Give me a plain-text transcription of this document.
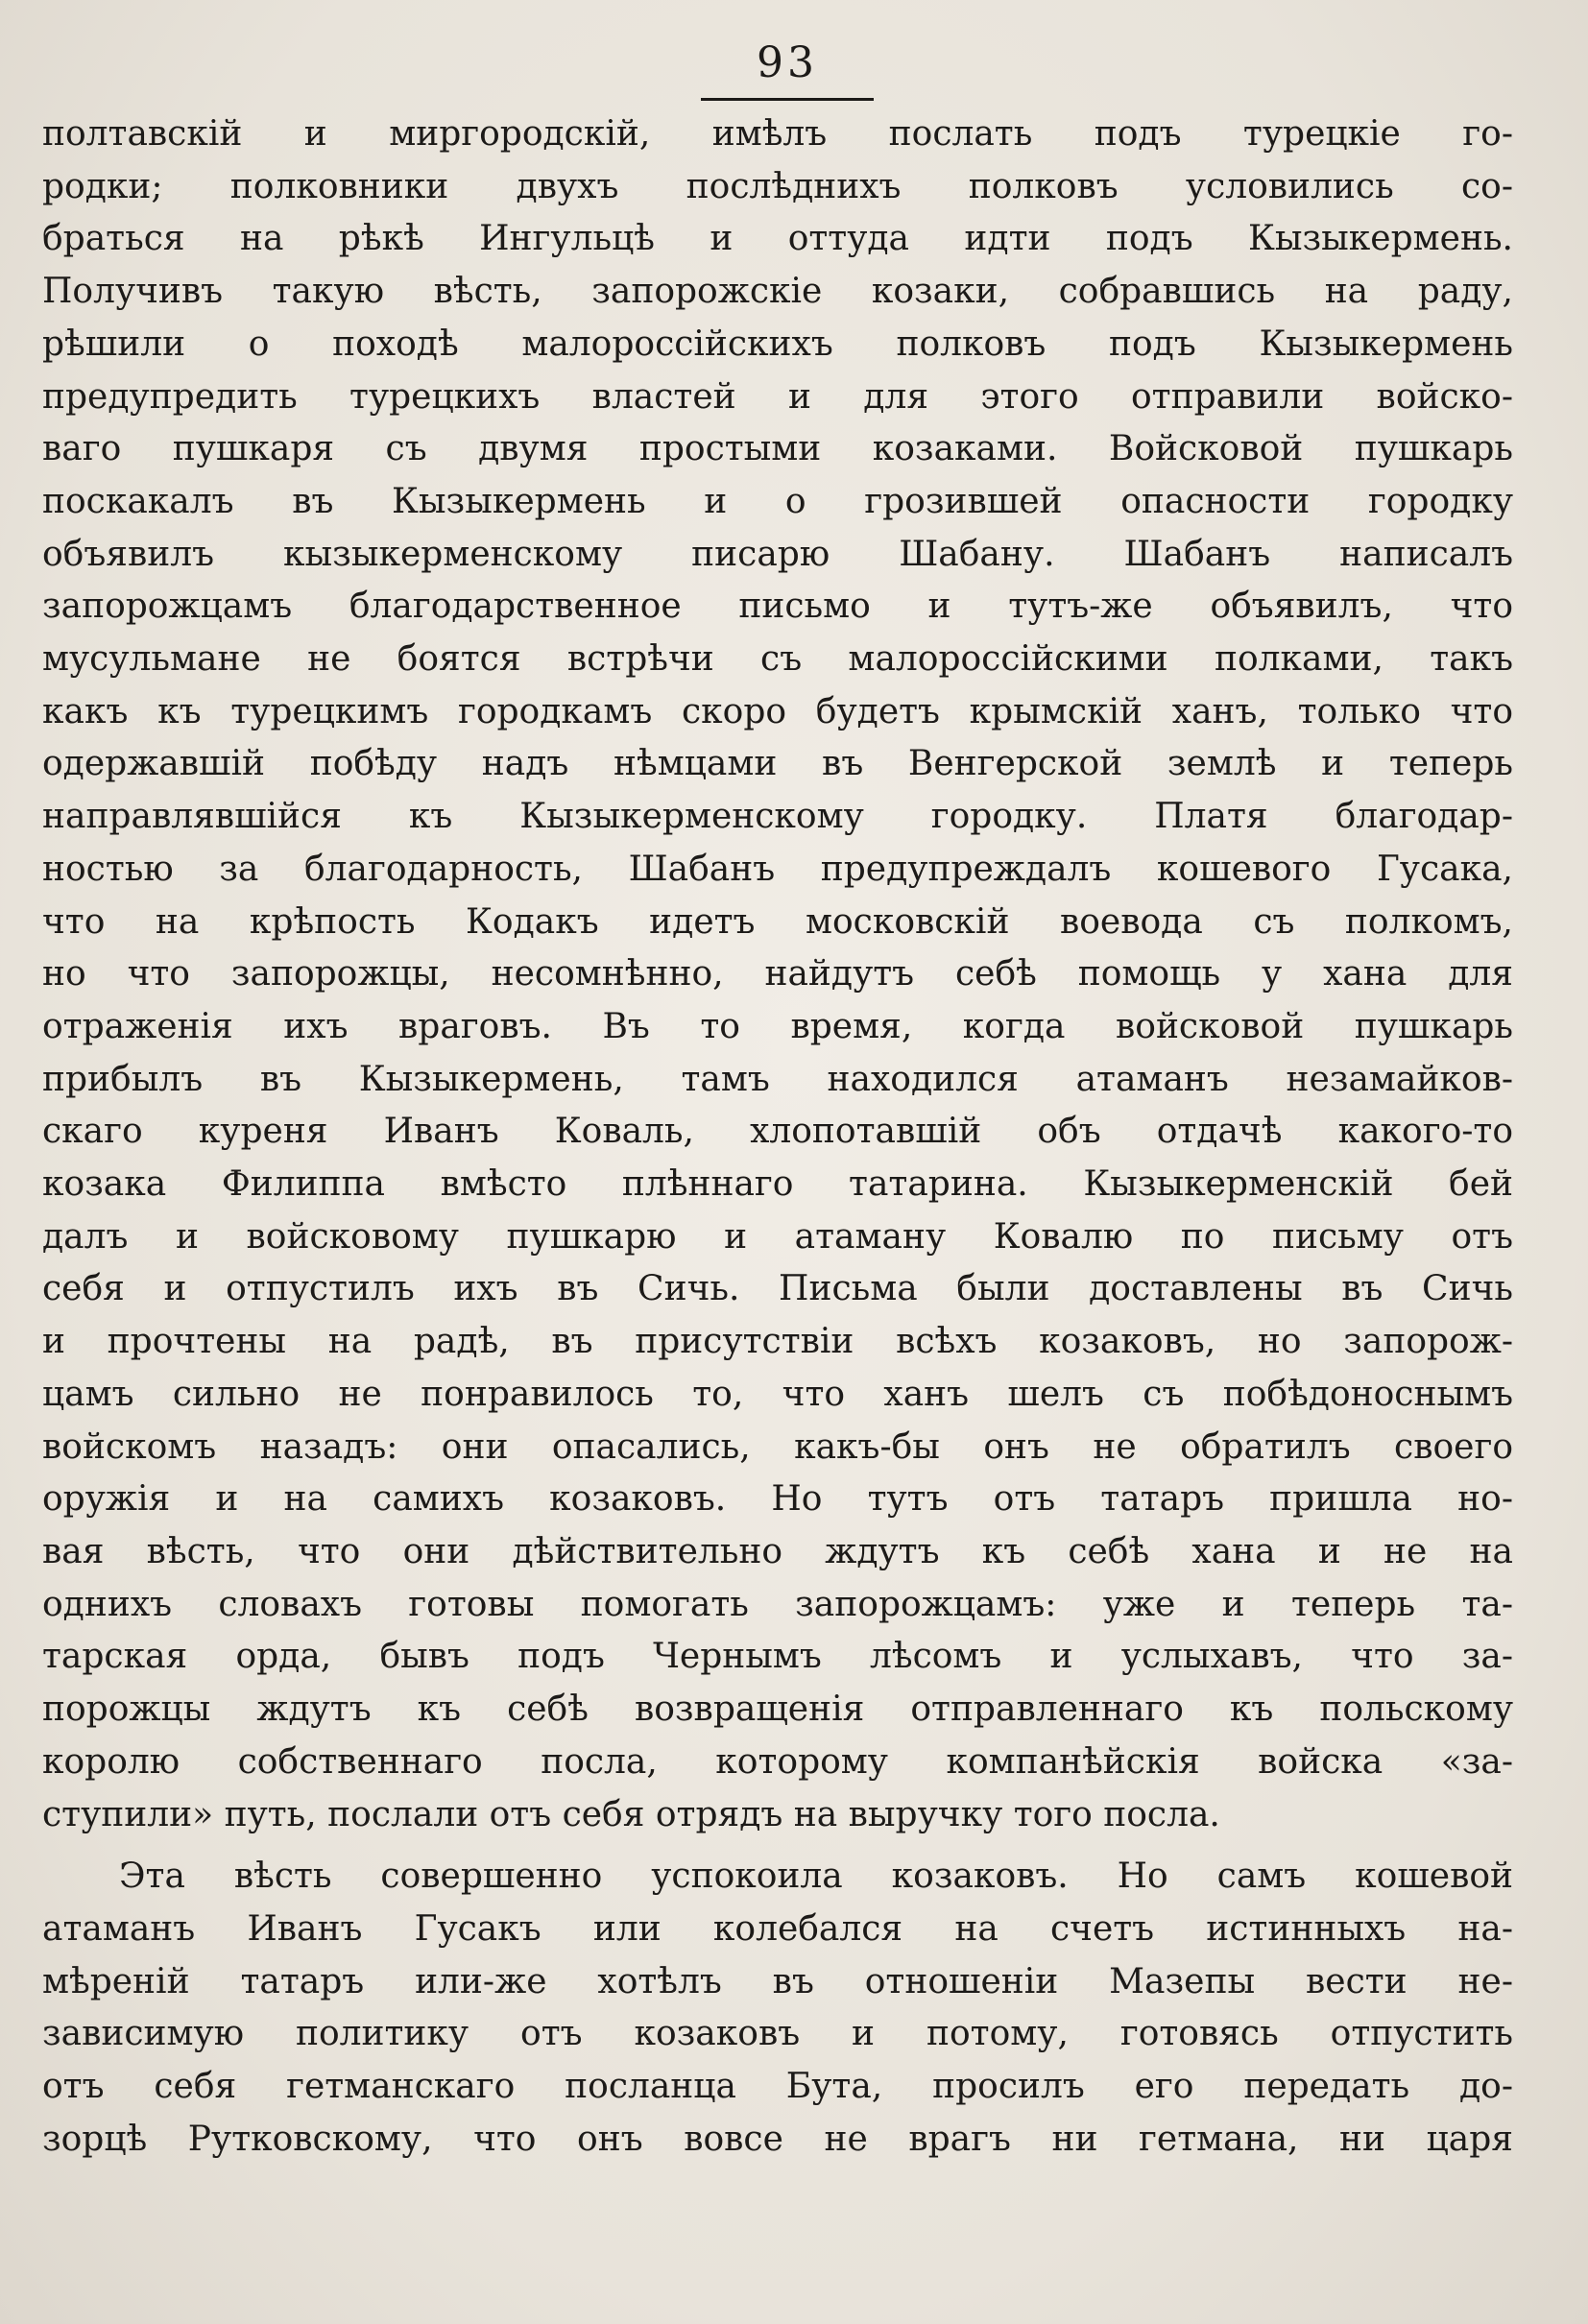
93
полтавскій и миргородскій, имѣлъ послать подъ турецкіе го-
родки; полковники двухъ послѣднихъ полковъ условились со-
браться на рѣкѣ Ингульцѣ и оттуда идти подъ Кызыкермень.
Получивъ такую вѣсть, запорожскіе козаки, собравшись на раду,
рѣшили о походѣ малороссійскихъ полковъ подъ Кызыкермень
предупредить турецкихъ властей и для этого отправили войско-
ваго пушкаря съ двумя простыми козаками. Войсковой пушкарь
поскакалъ въ Кызыкермень и о грозившей опасности городку
объявилъ кызыкерменскому писарю Шабану. Шабанъ написалъ
запорожцамъ благодарственное письмо и тутъ-же объявилъ, что
мусульмане не боятся встрѣчи съ малороссійскими полками, такъ
какъ къ турецкимъ городкамъ скоро будетъ крымскій ханъ, только что
одержавшій побѣду надъ нѣмцами въ Венгерской землѣ и теперь
направлявшійся къ Кызыкерменскому городку. Платя благодар-
ностью за благодарность, Шабанъ предупреждалъ кошевого Гусака,
что на крѣпость Кодакъ идетъ московскій воевода съ полкомъ,
но что запорожцы, несомнѣнно, найдутъ себѣ помощь у хана для
отраженія ихъ враговъ. Въ то время, когда войсковой пушкарь
прибылъ въ Кызыкермень, тамъ находился атаманъ незамайков-
скаго куреня Иванъ Коваль, хлопотавшій объ отдачѣ какого-то
козака Филиппа вмѣсто плѣннаго татарина. Кызыкерменскій бей
далъ и войсковому пушкарю и атаману Ковалю по письму отъ
себя и отпустилъ ихъ въ Сичь. Письма были доставлены въ Сичь
и прочтены на радѣ, въ присутствіи всѣхъ козаковъ, но запорож-
цамъ сильно не понравилось то, что ханъ шелъ съ побѣдоноснымъ
войскомъ назадъ: они опасались, какъ-бы онъ не обратилъ своего
оружія и на самихъ козаковъ. Но тутъ отъ татаръ пришла но-
вая вѣсть, что они дѣйствительно ждутъ къ себѣ хана и не на
однихъ словахъ готовы помогать запорожцамъ: уже и теперь та-
тарская орда, бывъ подъ Чернымъ лѣсомъ и услыхавъ, что за-
порожцы ждутъ къ себѣ возвращенія отправленнаго къ польскому
королю собственнаго посла, которому компанѣйскія войска «за-
ступили» путь, послали отъ себя отрядъ на выручку того посла.
Эта вѣсть совершенно успокоила козаковъ. Но самъ кошевой
атаманъ Иванъ Гусакъ или колебался на счетъ истинныхъ на-
мѣреній татаръ или-же хотѣлъ въ отношеніи Мазепы вести не-
зависимую политику отъ козаковъ и потому, готовясь отпустить
отъ себя гетманскаго посланца Бута, просилъ его передать до-
зорцѣ Рутковскому, что онъ вовсе не врагъ ни гетмана, ни царя
